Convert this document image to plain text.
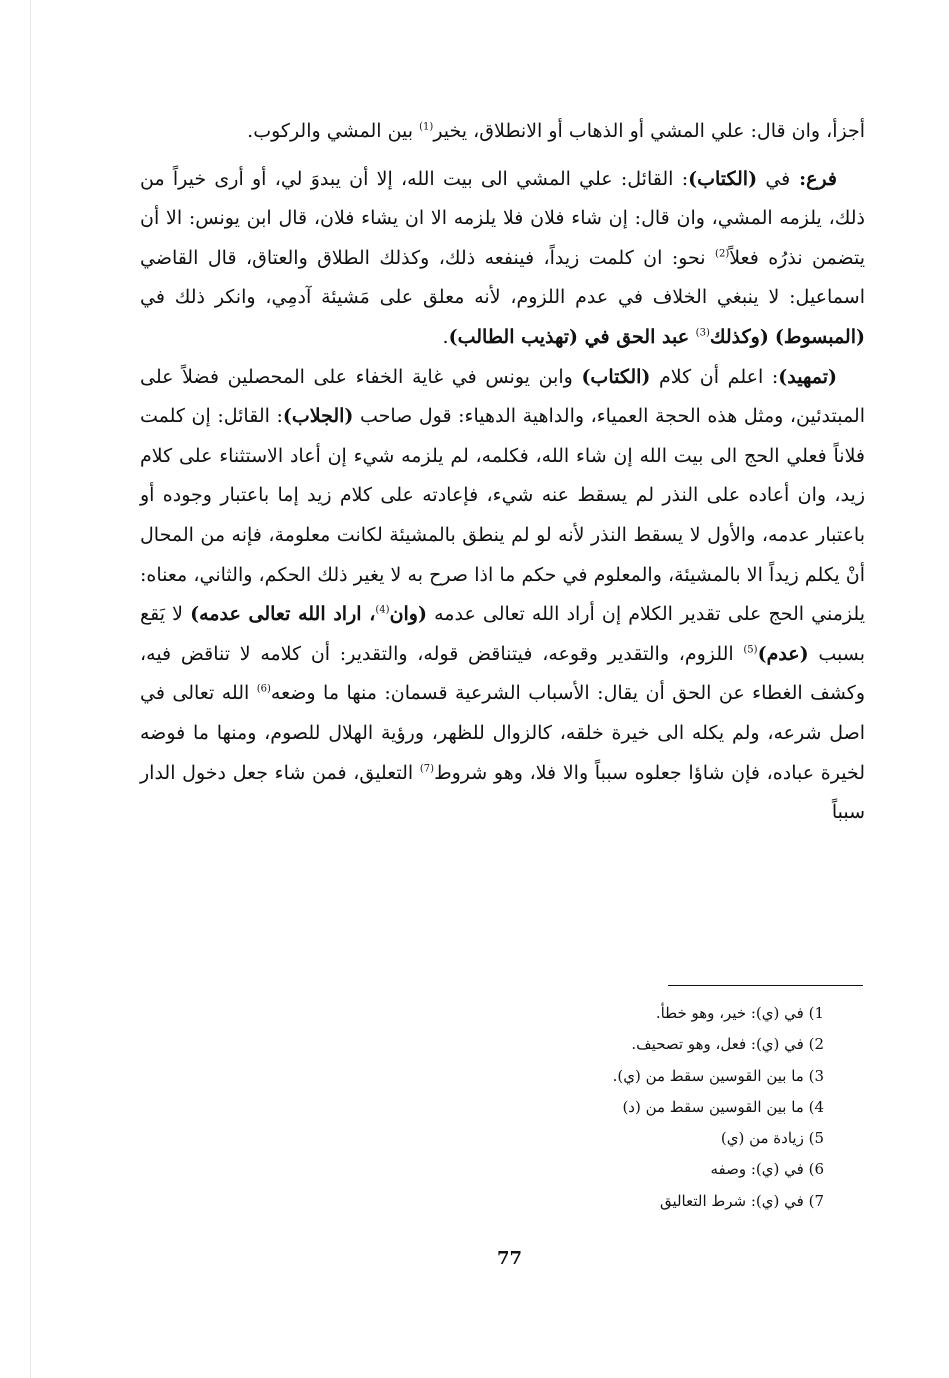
أجزأ، وان قال: علي المشي أو الذهاب أو الانطلاق، يخير$^{(1)}$ بين المشي والركوب.

فرع: في (الكتاب): القائل: علي المشي الى بيت الله، إلا أن يبدوَ لي، أو أرى خيراً من ذلك، يلزمه المشي، وان قال: إن شاء فلان فلا يلزمه الا ان يشاء فلان، قال ابن يونس: الا أن يتضمن نذرُه فعلاً$^{(2)}$ نحو: ان كلمت زيداً، فينفعه ذلك، وكذلك الطلاق والعتاق، قال القاضي اسماعيل: لا ينبغي الخلاف في عدم اللزوم، لأنه معلق على مَشيئة آدمِي، وانكر ذلك في (المبسوط) (وكذلك$^{(3)}$ عبد الحق في (تهذيب الطالب).

(تمهيد): اعلم أن كلام (الكتاب) وابن يونس في غاية الخفاء على المحصلين فضلاً على المبتدئين، ومثل هذه الحجة العمياء، والداهية الدهياء: قول صاحب (الجلاب): القائل: إن كلمت فلاناً فعلي الحج الى بيت الله إن شاء الله، فكلمه، لم يلزمه شيء إن أعاد الاستثناء على كلام زيد، وان أعاده على النذر لم يسقط عنه شيء، فإعادته على كلام زيد إما باعتبار وجوده أو باعتبار عدمه، والأول لا يسقط النذر لأنه لو لم ينطق بالمشيئة لكانت معلومة، فإنه من المحال أنْ يكلم زيداً الا بالمشيئة، والمعلوم في حكم ما اذا صرح به لا يغير ذلك الحكم، والثاني، معناه: يلزمني الحج على تقدير الكلام إن أراد الله تعالى عدمه (وان$^{(4)}$، اراد الله تعالى عدمه) لا يَقع بسبب (عدم)$^{(5)}$ اللزوم، والتقدير وقوعه، فيتناقض قوله، والتقدير: أن كلامه لا تناقض فيه، وكشف الغطاء عن الحق أن يقال: الأسباب الشرعية قسمان: منها ما وضعه$^{(6)}$ الله تعالى في اصل شرعه، ولم يكله الى خيرة خلقه، كالزوال للظهر، ورؤية الهلال للصوم، ومنها ما فوضه لخيرة عباده، فإن شاؤا جعلوه سبباً والا فلا، وهو شروط$^{(7)}$ التعليق، فمن شاء جعل دخول الدار سبباً

1) في (ي): خير، وهو خطأ.
2) في (ي): فعل، وهو تصحيف.
3) ما بين القوسين سقط من (ي).
4) ما بين القوسين سقط من (د)
5) زيادة من (ي)
6) في (ي): وصفه
7) في (ي): شرط التعاليق
77
